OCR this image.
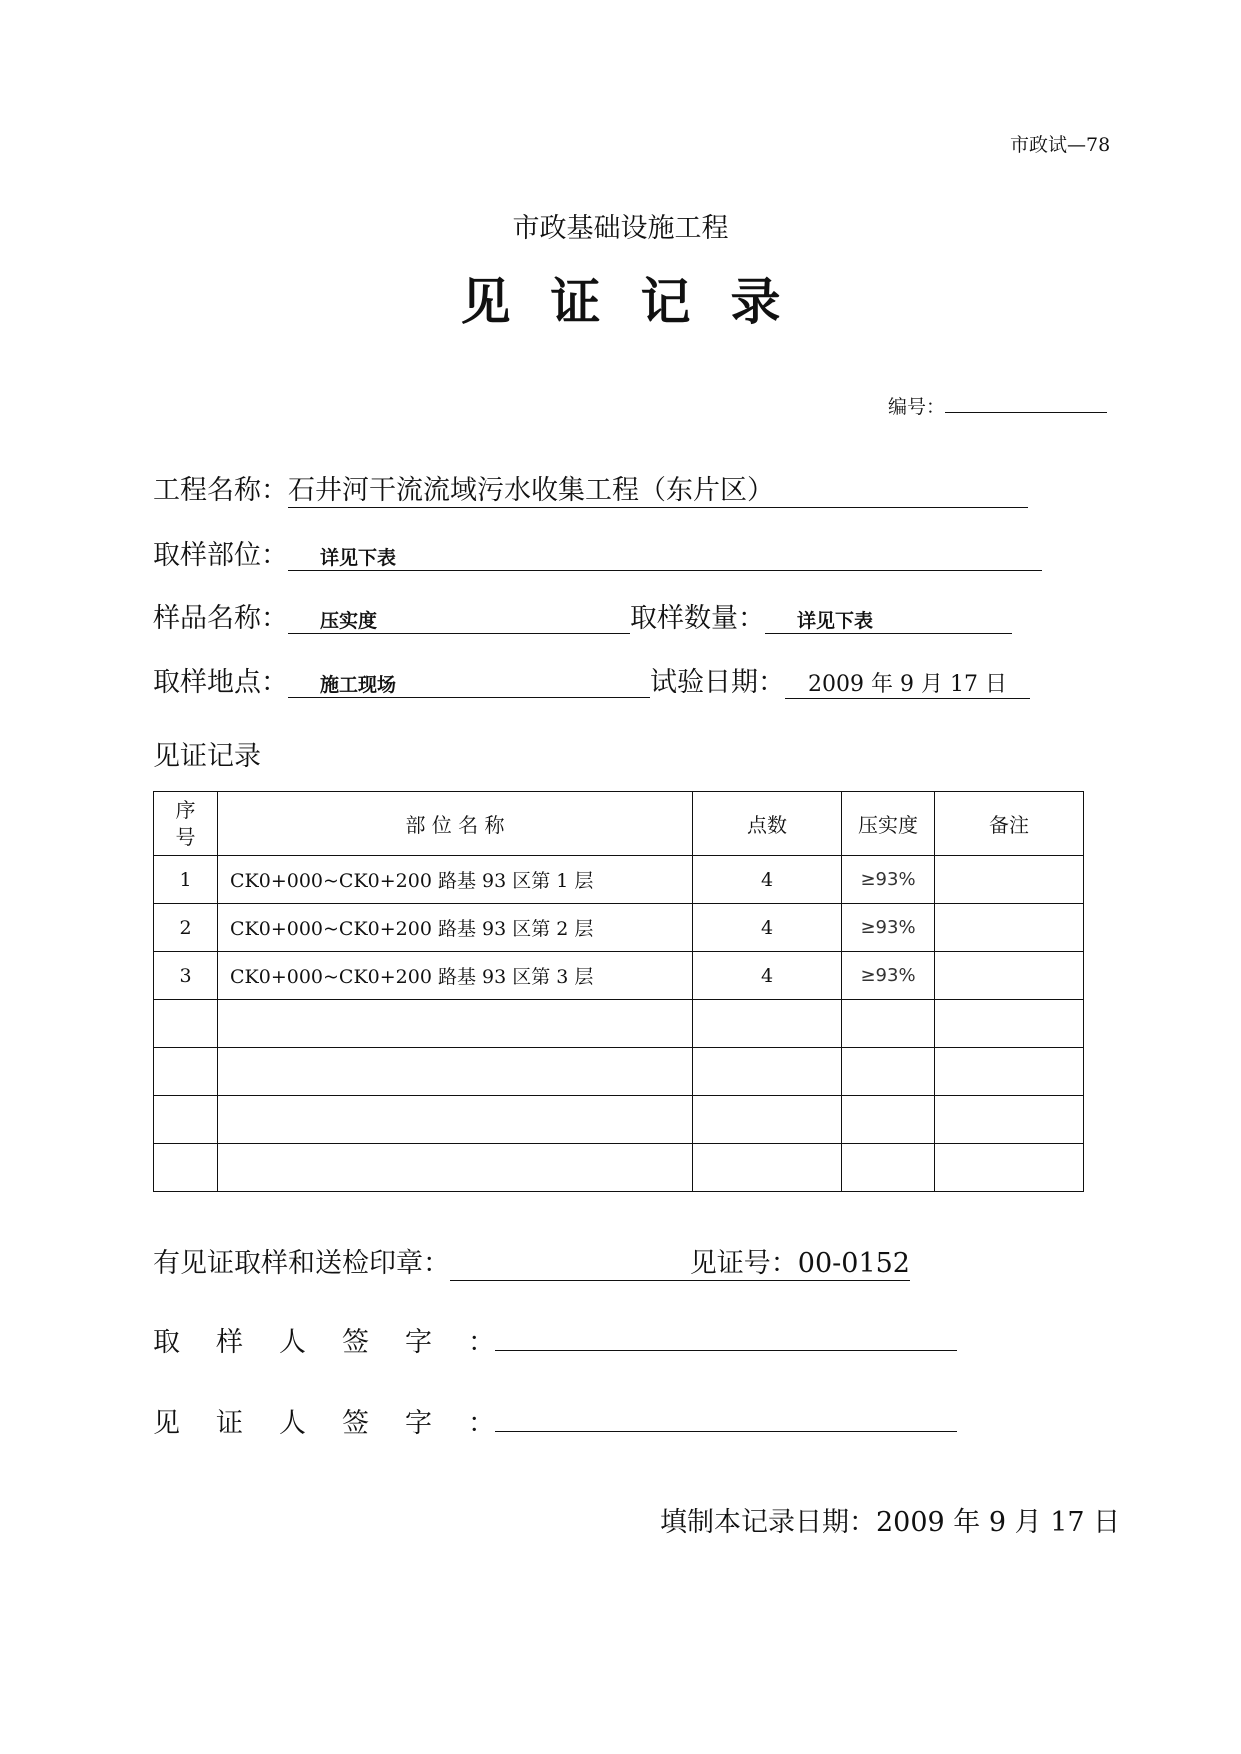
市政试—78
市政基础设施工程
见证记录
编号：
工程名称：石井河干流流域污水收集工程（东片区）
取样部位： 详见下表
样品名称： 压实度	取样数量： 详见下表
取样地点： 施工现场	试验日期： 2009 年 9 月 17 日
见证记录
序号	部 位 名 称	点数	压实度	备注
1	CK0+000~CK0+200 路基 93 区第 1 层	4	≥93%	
2	CK0+000~CK0+200 路基 93 区第 2 层	4	≥93%	
3	CK0+000~CK0+200 路基 93 区第 3 层	4	≥93%	

有见证取样和送检印章：	见证号：00-0152
取样人签字：
见证人签字：
填制本记录日期：2009 年 9 月 17 日
